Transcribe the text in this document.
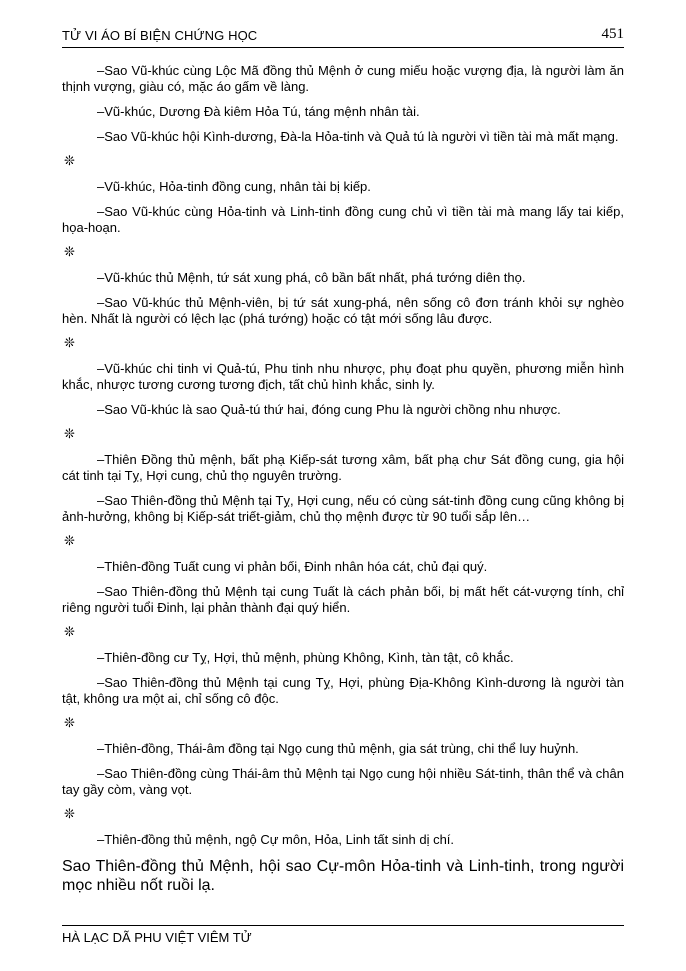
TỬ VI ÁO BÍ BIỆN CHỨNG HỌC	451

–Sao Vũ-khúc cùng Lộc Mã đồng thủ Mệnh ở cung miếu hoặc vượng địa, là người làm ăn thịnh vượng, giàu có, mặc áo gấm về làng.

–Vũ-khúc, Dương Đà kiêm Hỏa Tú, táng mệnh nhân tài.

–Sao Vũ-khúc hội Kình-dương, Đà-la Hỏa-tinh và Quả tú là người vì tiền tài mà mất mạng.

❊

–Vũ-khúc, Hỏa-tinh đồng cung, nhân tài bị kiếp.

–Sao Vũ-khúc cùng Hỏa-tinh và Linh-tinh đồng cung chủ vì tiền tài mà mang lấy tai kiếp, họa-hoạn.

❊

–Vũ-khúc thủ Mệnh, tứ sát xung phá, cô bần bất nhất, phá tướng diên thọ.

–Sao Vũ-khúc thủ Mệnh-viên, bị tứ sát xung-phá, nên sống cô đơn tránh khỏi sự nghèo hèn. Nhất là người có lệch lạc (phá tướng) hoặc có tật mới sống lâu được.

❊

–Vũ-khúc chi tinh vi Quả-tú, Phu tinh nhu nhược, phụ đoạt phu quyền, phương miễn hình khắc, nhược tương cương tương địch, tất chủ hình khắc, sinh ly.

–Sao Vũ-khúc là sao Quả-tú thứ hai, đóng cung Phu là người chồng nhu nhược.

❊

–Thiên Đồng thủ mệnh, bất phạ Kiếp-sát tương xâm, bất phạ chư Sát đồng cung, gia hội cát tinh tại Tỵ, Hợi cung, chủ thọ nguyên trường.

–Sao Thiên-đồng thủ Mệnh tại Tỵ, Hợi cung, nếu có cùng sát-tinh đồng cung cũng không bị ảnh-hưởng, không bị Kiếp-sát triết-giảm, chủ thọ mệnh được từ 90 tuổi sắp lên…

❊

–Thiên-đồng Tuất cung vi phản bối, Đinh nhân hóa cát, chủ đại quý.

–Sao Thiên-đồng thủ Mệnh tại cung Tuất là cách phản bối, bị mất hết cát-vượng tính, chỉ riêng người tuổi Đinh, lại phản thành đại quý hiển.

❊

–Thiên-đồng cư Tỵ, Hợi, thủ mệnh, phùng Không, Kình, tàn tật, cô khắc.

–Sao Thiên-đồng thủ Mệnh tại cung Tỵ, Hợi, phùng Địa-Không Kình-dương là người tàn tật, không ưa một ai, chỉ sống cô độc.

❊

–Thiên-đồng, Thái-âm đồng tại Ngọ cung thủ mệnh, gia sát trùng, chi thể luy huỷnh.

–Sao Thiên-đồng cùng Thái-âm thủ Mệnh tại Ngọ cung hội nhiều Sát-tinh, thân thể và chân tay gầy còm, vàng vọt.

❊

–Thiên-đồng thủ mệnh, ngộ Cự môn, Hỏa, Linh tất sinh dị chí.

Sao Thiên-đồng thủ Mệnh, hội sao Cự-môn Hỏa-tinh và Linh-tinh, trong người mọc nhiều nốt ruồi lạ.

HÀ LẠC DÃ PHU VIỆT VIÊM TỬ
